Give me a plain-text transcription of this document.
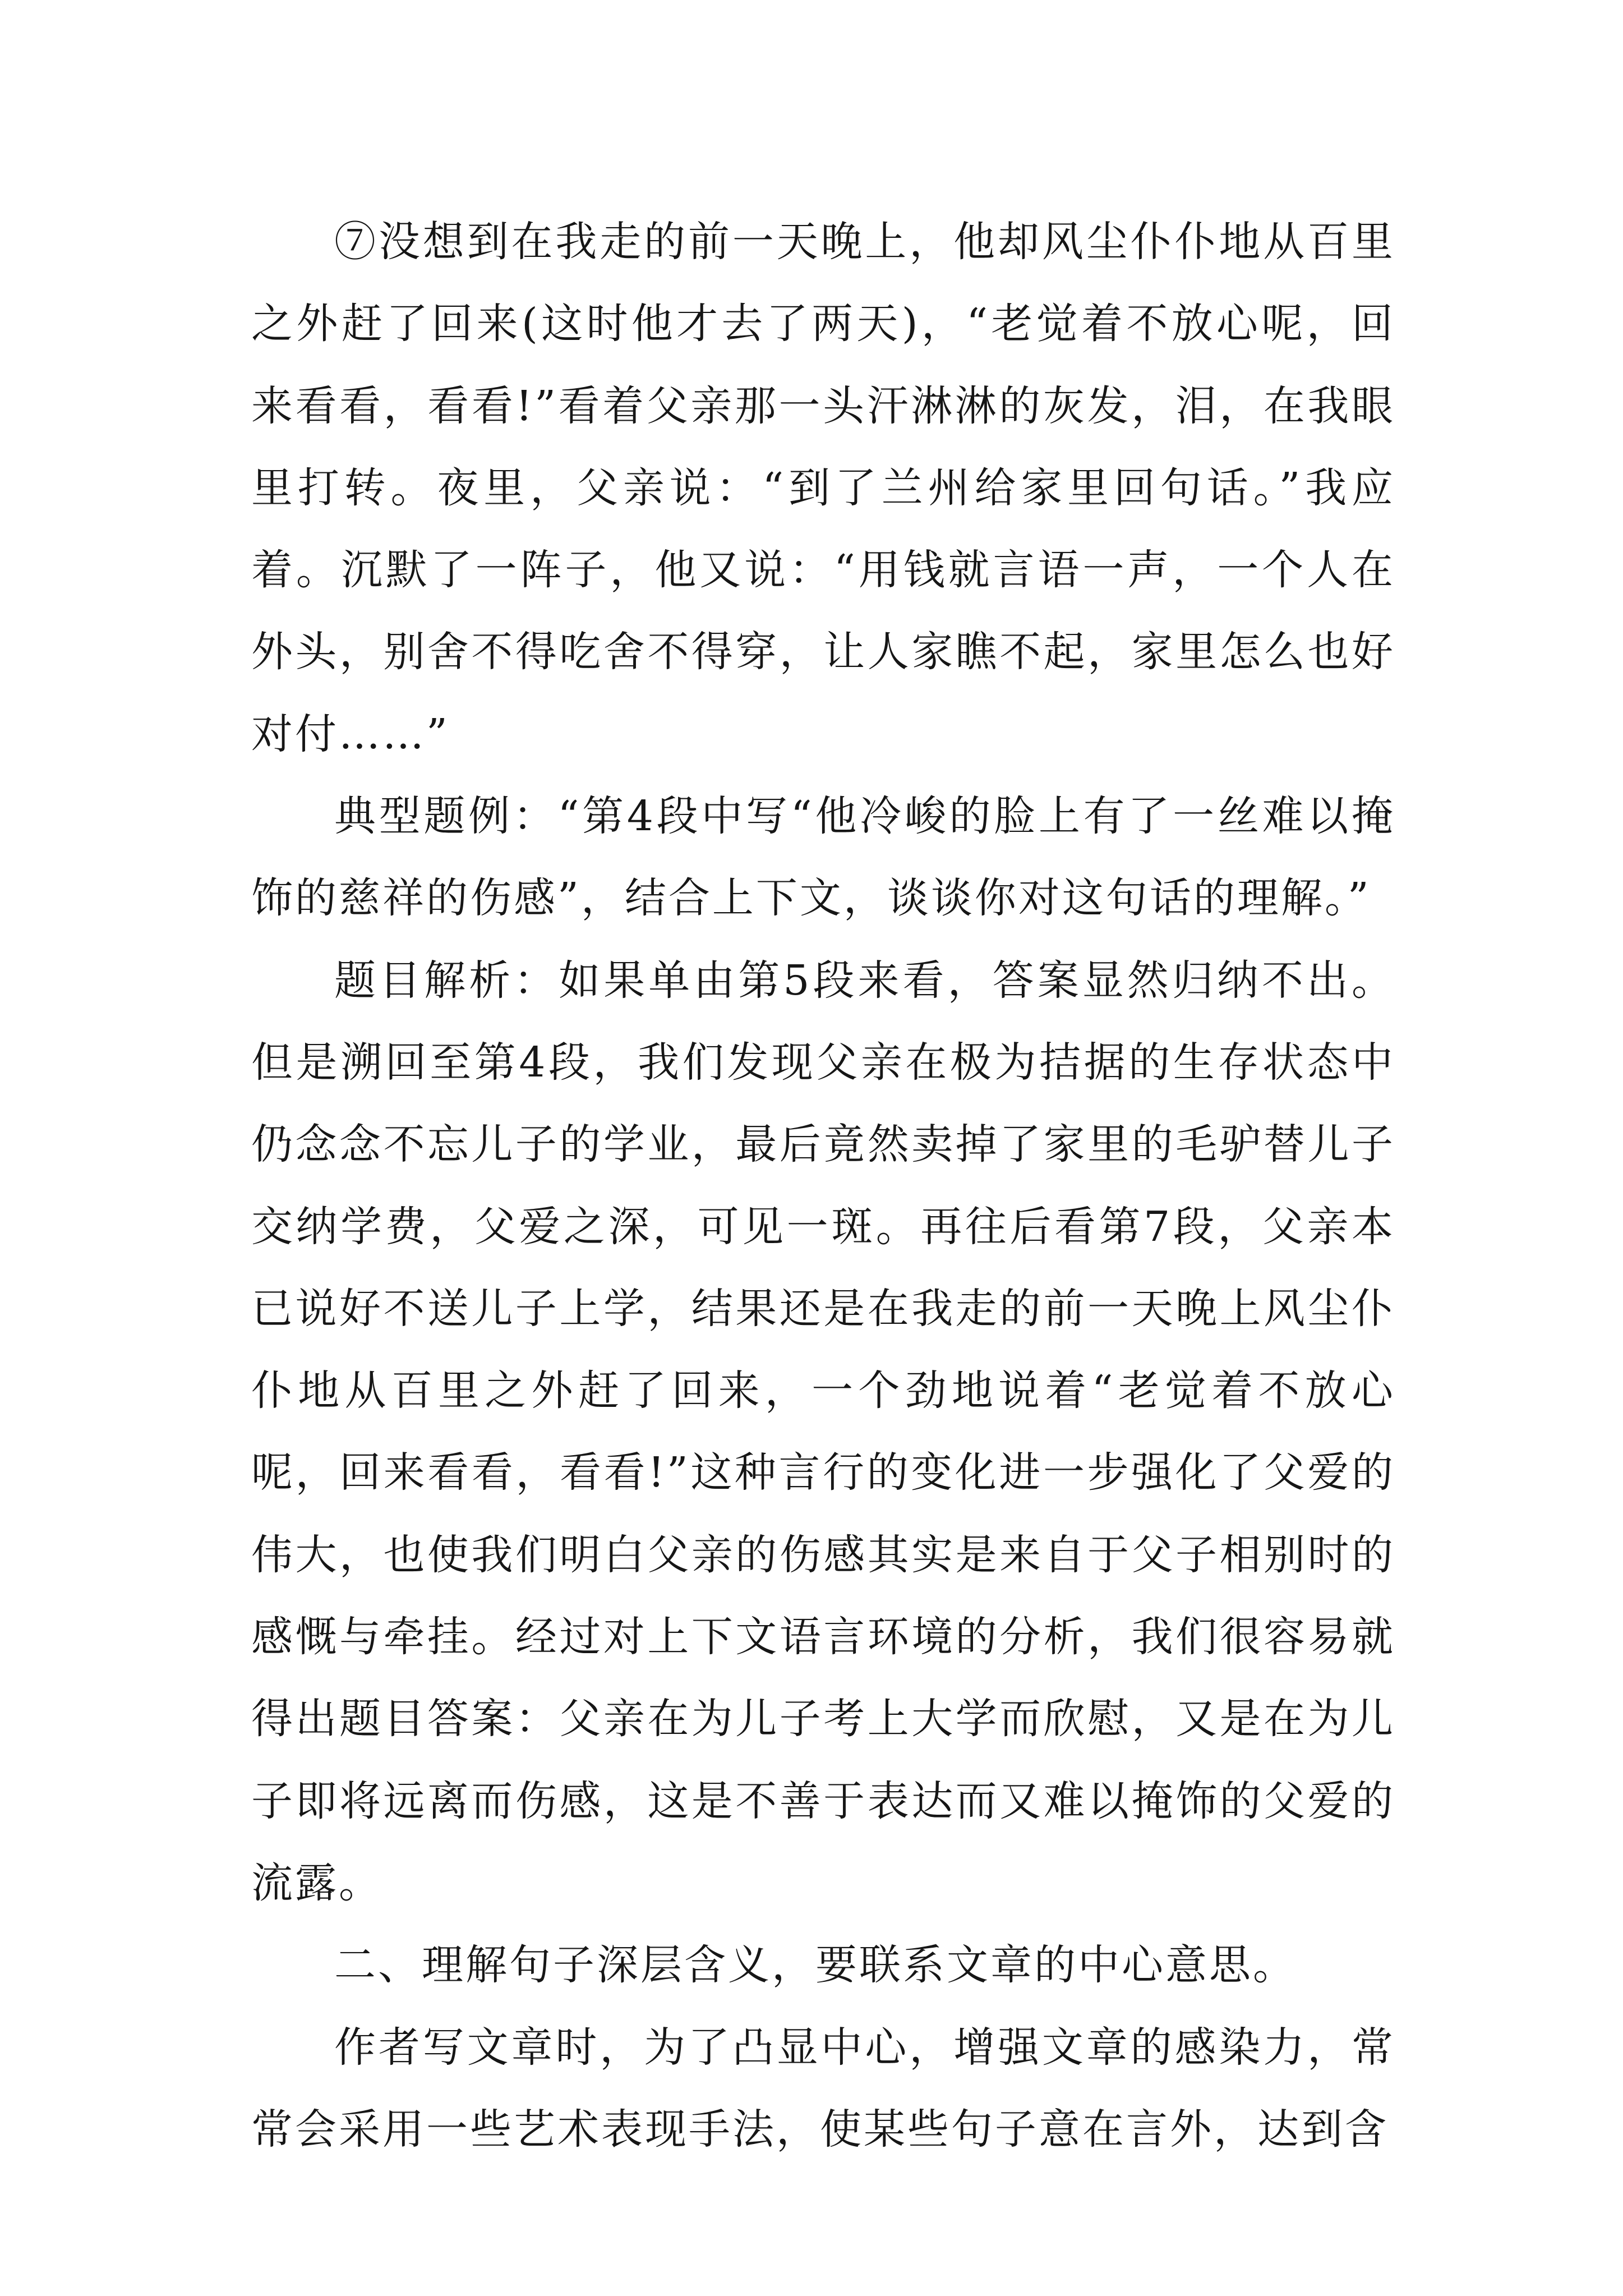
⑦没想到在我走的前一天晚上，他却风尘仆仆地从百里之外赶了回来(这时他才去了两天)，“老觉着不放心呢，回来看看，看看!”看着父亲那一头汗淋淋的灰发，泪，在我眼里打转。夜里，父亲说：“到了兰州给家里回句话。”我应着。沉默了一阵子，他又说：“用钱就言语一声，一个人在外头，别舍不得吃舍不得穿，让人家瞧不起，家里怎么也好对付……”

典型题例：“第4段中写“他冷峻的脸上有了一丝难以掩饰的慈祥的伤感”，结合上下文，谈谈你对这句话的理解。”

题目解析：如果单由第5段来看，答案显然归纳不出。但是溯回至第4段，我们发现父亲在极为拮据的生存状态中仍念念不忘儿子的学业，最后竟然卖掉了家里的毛驴替儿子交纳学费，父爱之深，可见一斑。再往后看第7段，父亲本已说好不送儿子上学，结果还是在我走的前一天晚上风尘仆仆地从百里之外赶了回来，一个劲地说着“老觉着不放心呢，回来看看，看看!”这种言行的变化进一步强化了父爱的伟大，也使我们明白父亲的伤感其实是来自于父子相别时的感慨与牵挂。经过对上下文语言环境的分析，我们很容易就得出题目答案：父亲在为儿子考上大学而欣慰，又是在为儿子即将远离而伤感，这是不善于表达而又难以掩饰的父爱的流露。

二、理解句子深层含义，要联系文章的中心意思。

作者写文章时，为了凸显中心，增强文章的感染力，常常会采用一些艺术表现手法，使某些句子意在言外，达到含
